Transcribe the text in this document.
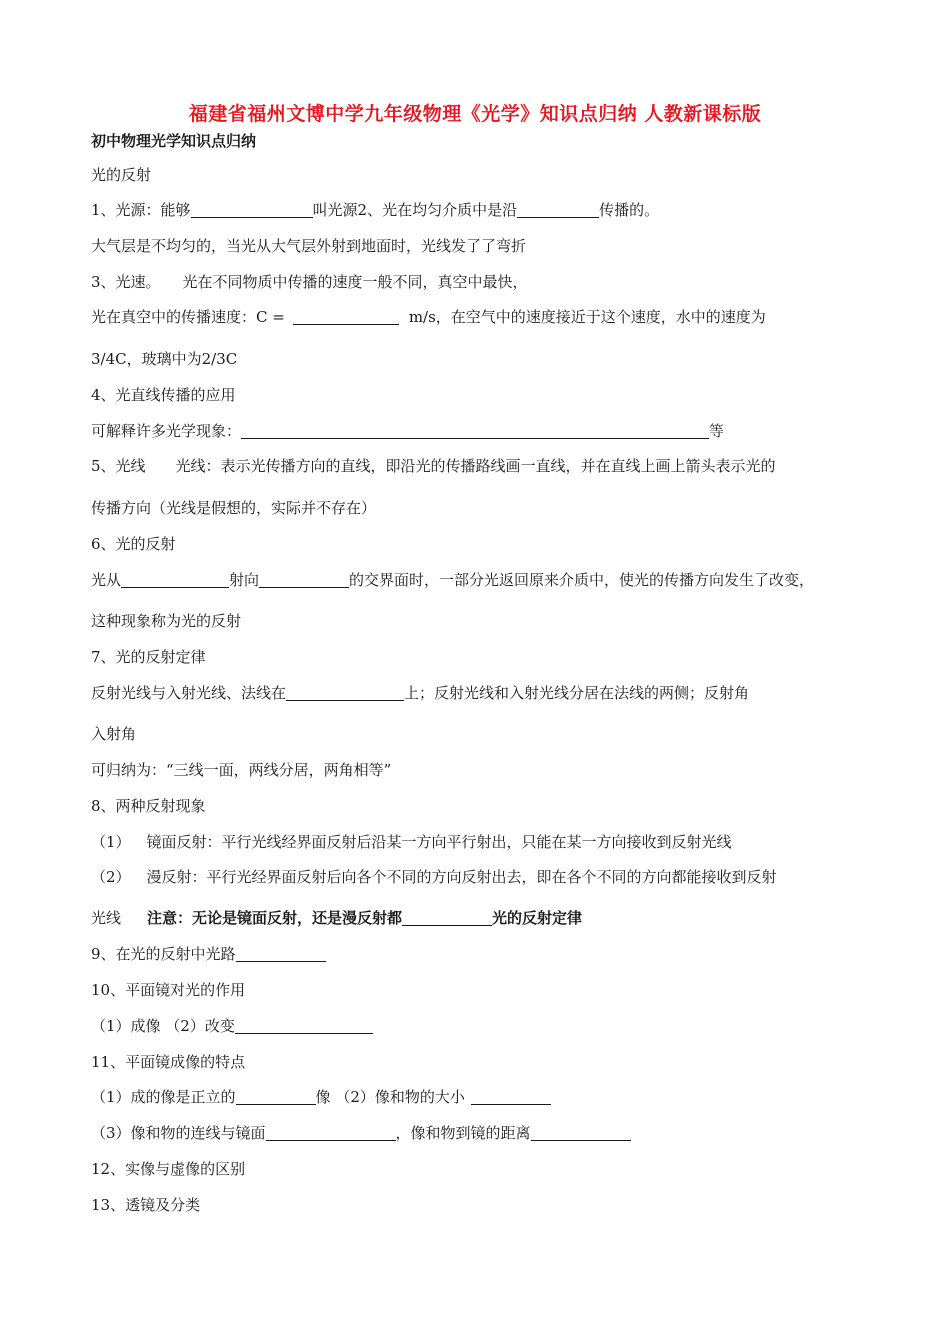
福建省福州文博中学九年级物理《光学》知识点归纳 人教新课标版
初中物理光学知识点归纳
光的反射
1、光源：能够	叫光源2、光在均匀介质中是沿	传播的。
大气层是不均匀的，当光从大气层外射到地面时，光线发了了弯折
3、光速。 光在不同物质中传播的速度一般不同，真空中最快，
光在真空中的传播速度：C =	m/s，在空气中的速度接近于这个速度，水中的速度为
3/4C，玻璃中为2/3C
4、光直线传播的应用
可解释许多光学现象：	等
5、光线 光线：表示光传播方向的直线，即沿光的传播路线画一直线，并在直线上画上箭头表示光的
传播方向（光线是假想的，实际并不存在）
6、光的反射
光从	射向	的交界面时，一部分光返回原来介质中，使光的传播方向发生了改变，
这种现象称为光的反射
7、光的反射定律
反射光线与入射光线、法线在	上；反射光线和入射光线分居在法线的两侧；反射角
入射角
可归纳为：“三线一面，两线分居，两角相等”
8、两种反射现象
（1） 镜面反射：平行光线经界面反射后沿某一方向平行射出，只能在某一方向接收到反射光线
（2） 漫反射：平行光经界面反射后向各个不同的方向反射出去，即在各个不同的方向都能接收到反射
光线 注意：无论是镜面反射，还是漫反射都	光的反射定律
9、在光的反射中光路
10、平面镜对光的作用
（1）成像 （2）改变
11、平面镜成像的特点
（1）成的像是正立的	像 （2）像和物的大小
（3）像和物的连线与镜面	，像和物到镜的距离
12、实像与虚像的区别
13、透镜及分类
